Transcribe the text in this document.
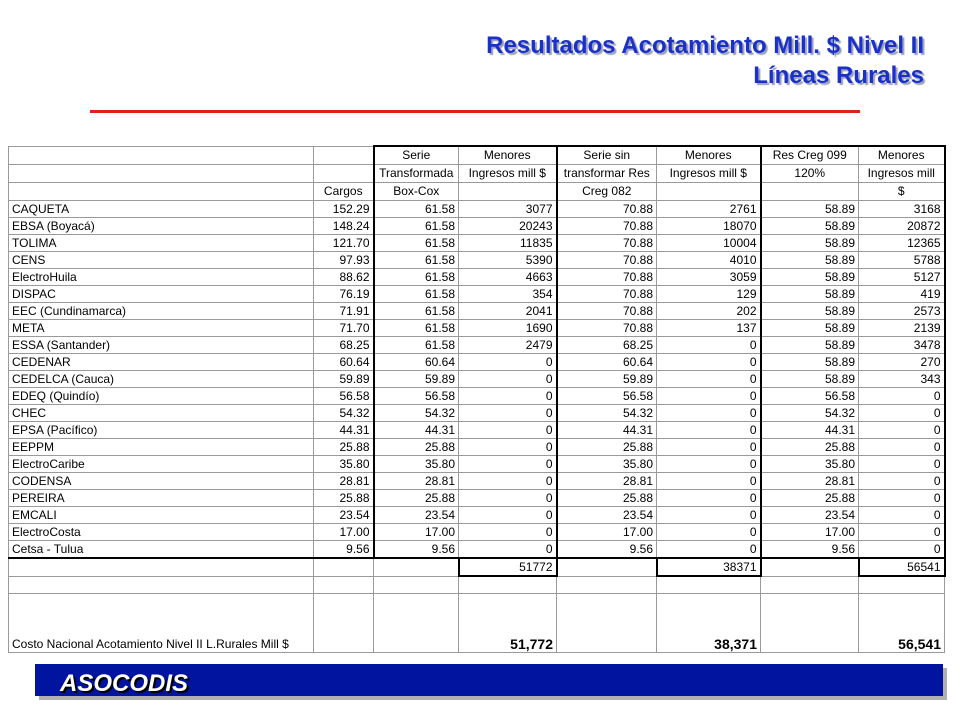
Resultados Acotamiento Mill. $ Nivel II
Líneas Rurales
		Serie	Menores	Serie sin	Menores	Res Creg 099	Menores
		Transformada	Ingresos mill $	transformar Res	Ingresos mill $	120%	Ingresos mill
	Cargos	Box-Cox		Creg 082			$
CAQUETA	152.29	61.58	3077	70.88	2761	58.89	3168
EBSA (Boyacá)	148.24	61.58	20243	70.88	18070	58.89	20872
TOLIMA	121.70	61.58	11835	70.88	10004	58.89	12365
CENS	97.93	61.58	5390	70.88	4010	58.89	5788
ElectroHuila	88.62	61.58	4663	70.88	3059	58.89	5127
DISPAC	76.19	61.58	354	70.88	129	58.89	419
EEC (Cundinamarca)	71.91	61.58	2041	70.88	202	58.89	2573
META	71.70	61.58	1690	70.88	137	58.89	2139
ESSA (Santander)	68.25	61.58	2479	68.25	0	58.89	3478
CEDENAR	60.64	60.64	0	60.64	0	58.89	270
CEDELCA (Cauca)	59.89	59.89	0	59.89	0	58.89	343
EDEQ (Quindío)	56.58	56.58	0	56.58	0	56.58	0
CHEC	54.32	54.32	0	54.32	0	54.32	0
EPSA (Pacífico)	44.31	44.31	0	44.31	0	44.31	0
EEPPM	25.88	25.88	0	25.88	0	25.88	0
ElectroCaribe	35.80	35.80	0	35.80	0	35.80	0
CODENSA	28.81	28.81	0	28.81	0	28.81	0
PEREIRA	25.88	25.88	0	25.88	0	25.88	0
EMCALI	23.54	23.54	0	23.54	0	23.54	0
ElectroCosta	17.00	17.00	0	17.00	0	17.00	0
Cetsa - Tulua	9.56	9.56	0	9.56	0	9.56	0
			51772		38371		56541

Costo Nacional Acotamiento Nivel II L.Rurales Mill $			51,772		38,371		56,541
ASOCODIS
